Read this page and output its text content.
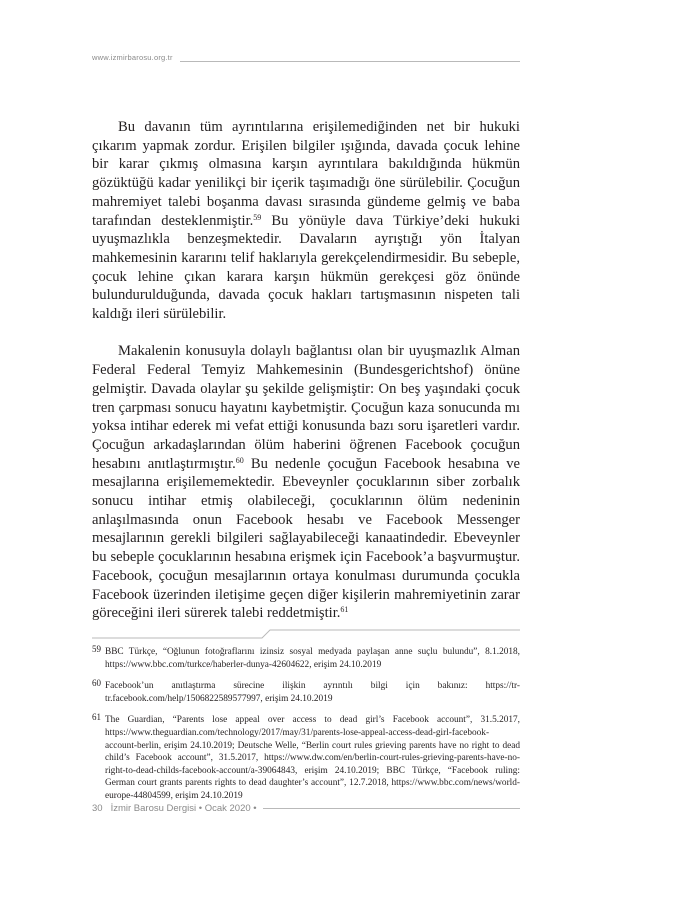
www.izmirbarosu.org.tr

Bu davanın tüm ayrıntılarına erişilemediğinden net bir hukuki çıkarım yapmak zordur. Erişilen bilgiler ışığında, davada çocuk lehine bir karar çıkmış olmasına karşın ayrıntılara bakıldığında hükmün gözüktüğü kadar yenilikçi bir içerik taşımadığı öne sürülebilir. Çocuğun mahremiyet talebi boşanma davası sırasında gündeme gelmiş ve baba tarafından desteklenmiştir.$^{59}$ Bu yönüyle dava Türkiye’deki hukuki uyuşmazlıkla benzeşmektedir. Davaların ayrıştığı yön İtalyan mahkemesinin kararını telif haklarıyla gerekçelendirmesidir. Bu sebeple, çocuk lehine çıkan karara karşın hükmün gerekçesi göz önünde bulundurulduğunda, davada çocuk hakları tartışmasının nispeten tali kaldığı ileri sürülebilir.

Makalenin konusuyla dolaylı bağlantısı olan bir uyuşmazlık Alman Federal Federal Temyiz Mahkemesinin (Bundesgerichtshof) önüne gelmiştir. Davada olaylar şu şekilde gelişmiştir: On beş yaşındaki çocuk tren çarpması sonucu hayatını kaybetmiştir. Çocuğun kaza sonucunda mı yoksa intihar ederek mi vefat ettiği konusunda bazı soru işaretleri vardır. Çocuğun arkadaşlarından ölüm haberini öğrenen Facebook çocuğun hesabını anıtlaştırmıştır.$^{60}$ Bu nedenle çocuğun Facebook hesabına ve mesajlarına erişilememektedir. Ebeveynler çocuklarının siber zorbalık sonucu intihar etmiş olabileceği, çocuklarının ölüm nedeninin anlaşılmasında onun Facebook hesabı ve Facebook Messenger mesajlarının gerekli bilgileri sağlayabileceği kanaatindedir. Ebeveynler bu sebeple çocuklarının hesabına erişmek için Facebook’a başvurmuştur. Facebook, çocuğun mesajlarının ortaya konulması durumunda çocukla Facebook üzerinden iletişime geçen diğer kişilerin mahremiyetinin zarar göreceğini ileri sürerek talebi reddetmiştir.$^{61}$

59 BBC Türkçe, “Oğlunun fotoğraflarını izinsiz sosyal medyada paylaşan anne suçlu bulundu”, 8.1.2018, https://www.bbc.com/turkce/haberler-dunya-42604622, erişim 24.10.2019
60 Facebook’un anıtlaştırma sürecine ilişkin ayrıntılı bilgi için bakınız: https://tr-tr.facebook.com/help/1506822589577997, erişim 24.10.2019
61 The Guardian, “Parents lose appeal over access to dead girl’s Facebook account”, 31.5.2017, https://www.theguardian.com/technology/2017/may/31/parents-lose-appeal-access-dead-girl-facebook-account-berlin, erişim 24.10.2019; Deutsche Welle, “Berlin court rules grieving parents have no right to dead child’s Facebook account”, 31.5.2017, https://www.dw.com/en/berlin-court-rules-grieving-parents-have-no-right-to-dead-childs-facebook-account/a-39064843, erişim 24.10.2019; BBC Türkçe, “Facebook ruling: German court grants parents rights to dead daughter’s account”, 12.7.2018, https://www.bbc.com/news/world-europe-44804599, erişim 24.10.2019
30 İzmir Barosu Dergisi • Ocak 2020 •
